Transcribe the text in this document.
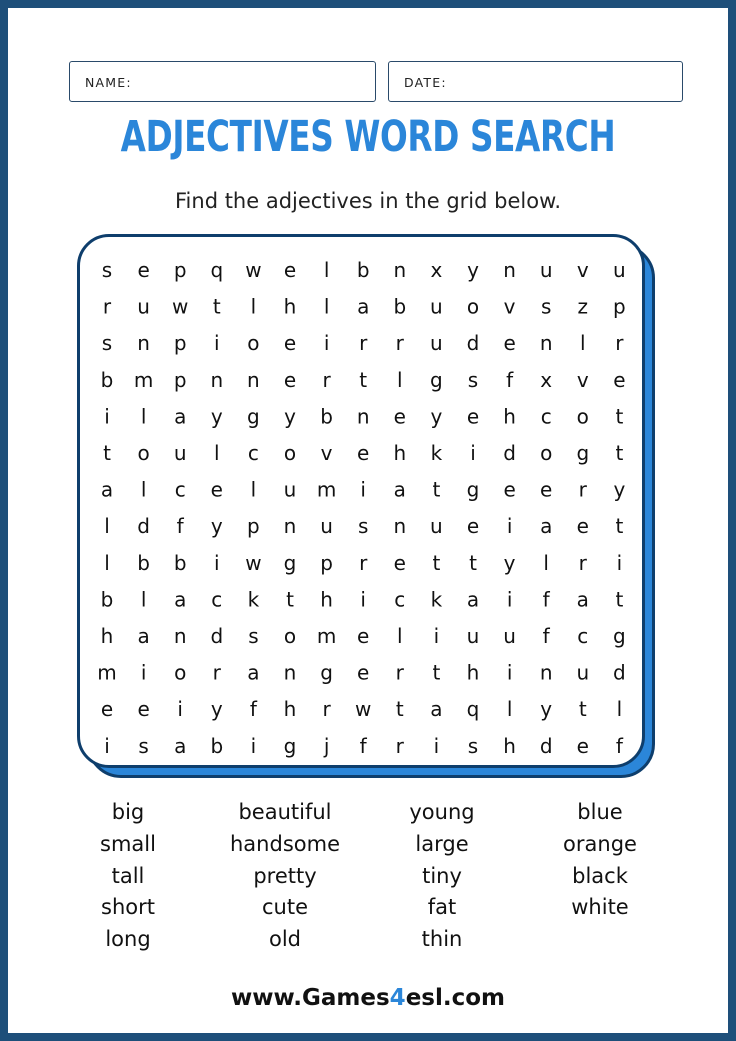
NAME:	DATE:
ADJECTIVES WORD SEARCH
Find the adjectives in the grid below.
s e p q w e l b n x y n u v u
r u w t l h l a b u o v s z p
s n p i o e i r r u d e n l r
b m p n n e r t l g s f x v e
i l a y g y b n e y e h c o t
t o u l c o v e h k i d o g t
a l c e l u m i a t g e e r y
l d f y p n u s n u e i a e t
l b b i w g p r e t t y l r i
b l a c k t h i c k a i f a t
h a n d s o m e l i u u f c g
m i o r a n g e r t h i n u d
e e i y f h r w t a q l y t l
i s a b i g j f r i s h d e f
big
small
tall
short
long
beautiful
handsome
pretty
cute
old
young
large
tiny
fat
thin
blue
orange
black
white
www.Games4esl.com
